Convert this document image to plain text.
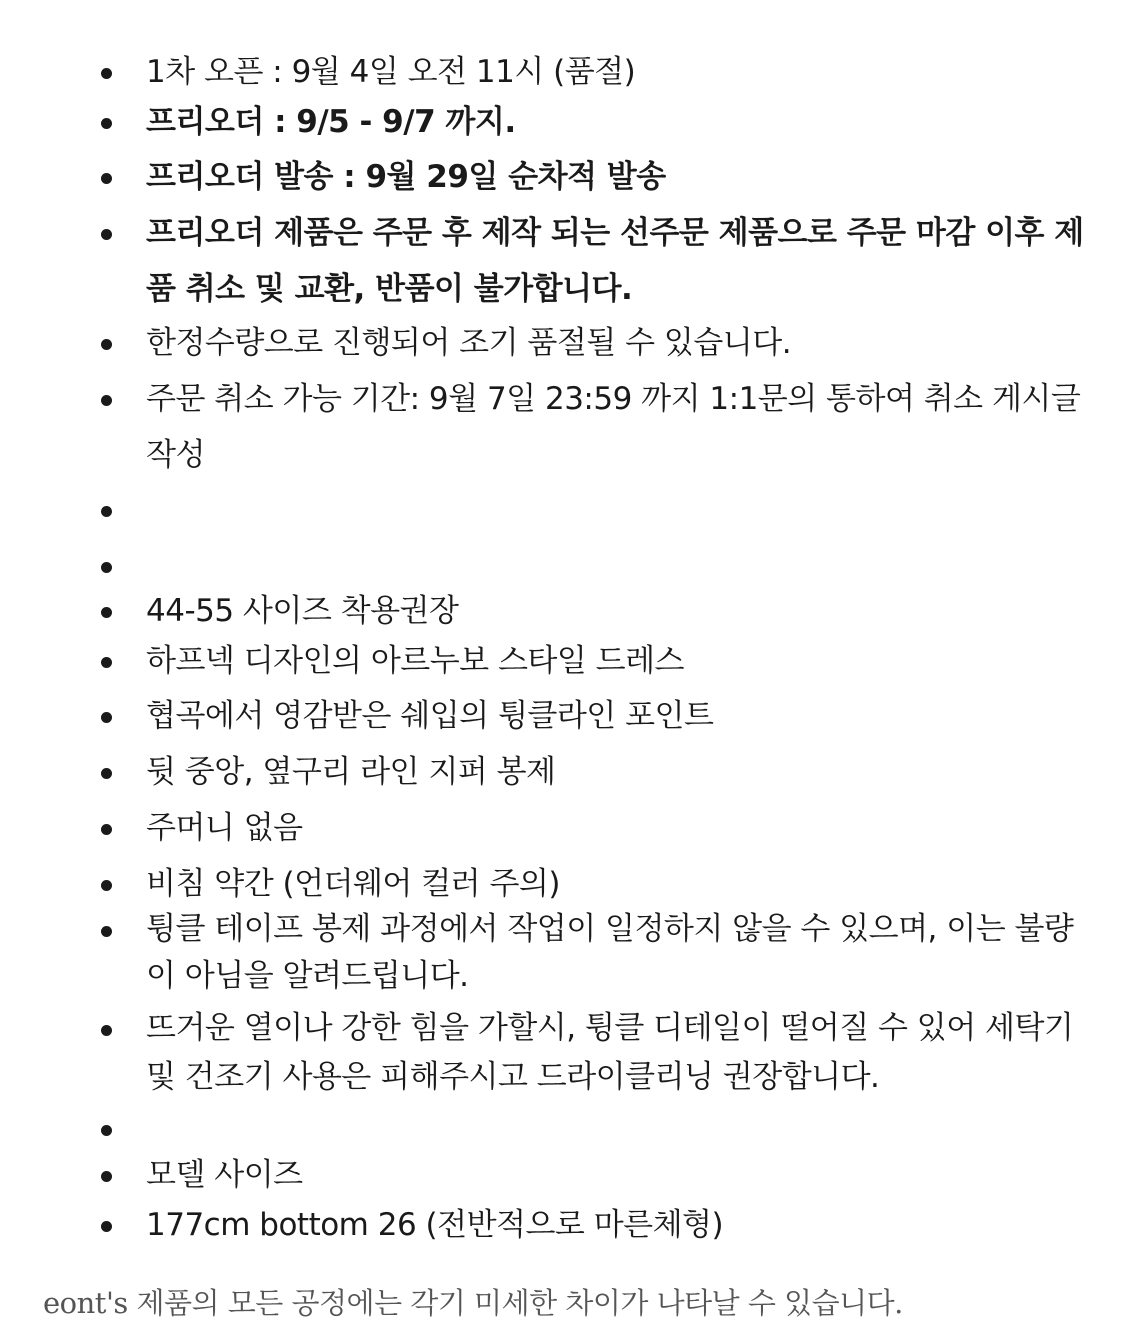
1차 오픈 : 9월 4일 오전 11시 (품절)
프리오더 : 9/5 - 9/7 까지.
프리오더 발송 : 9월 29일 순차적 발송
프리오더 제품은 주문 후 제작 되는 선주문 제품으로 주문 마감 이후 제품 취소 및 교환, 반품이 불가합니다.
한정수량으로 진행되어 조기 품절될 수 있습니다.
주문 취소 가능 기간: 9월 7일 23:59 까지 1:1문의 통하여 취소 게시글 작성
44-55 사이즈 착용권장
하프넥 디자인의 아르누보 스타일 드레스
협곡에서 영감받은 쉐입의 튕클라인 포인트
뒷 중앙, 옆구리 라인 지퍼 봉제
주머니 없음
비침 약간 (언더웨어 컬러 주의)
튕클 테이프 봉제 과정에서 작업이 일정하지 않을 수 있으며, 이는 불량이 아님을 알려드립니다.
뜨거운 열이나 강한 힘을 가할시, 튕클 디테일이 떨어질 수 있어 세탁기 및 건조기 사용은 피해주시고 드라이클리닝 권장합니다.
모델 사이즈
177cm bottom 26 (전반적으로 마른체형)
eont's 제품의 모든 공정에는 각기 미세한 차이가 나타날 수 있습니다.
